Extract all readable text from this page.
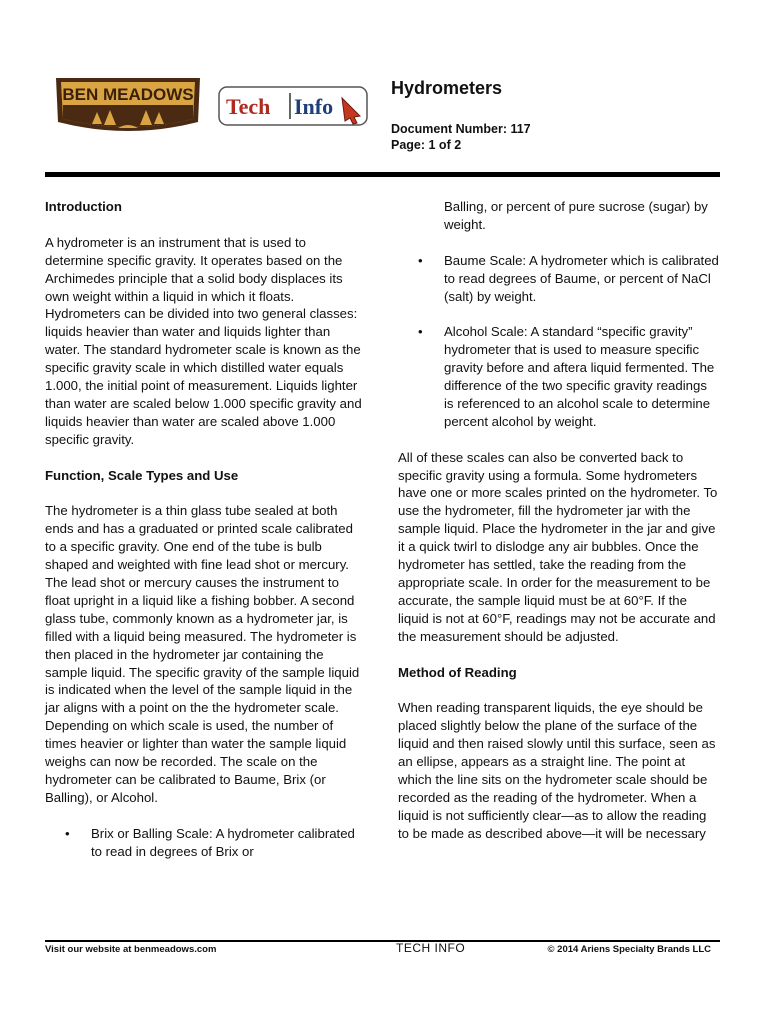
BEN MEADOWS Tech Info
Hydrometers
Document Number: 117
Page: 1 of 2
Introduction

A hydrometer is an instrument that is used to determine specific gravity. It operates based on the Archimedes principle that a solid body displaces its own weight within a liquid in which it floats. Hydrometers can be divided into two general classes: liquids heavier than water and liquids lighter than water. The standard hydrometer scale is known as the specific gravity scale in which distilled water equals 1.000, the initial point of measurement. Liquids lighter than water are scaled below 1.000 specific gravity and liquids heavier than water are scaled above 1.000 specific gravity.

Function, Scale Types and Use

The hydrometer is a thin glass tube sealed at both ends and has a graduated or printed scale calibrated to a specific gravity. One end of the tube is bulb shaped and weighted with fine lead shot or mercury. The lead shot or mercury causes the instrument to float upright in a liquid like a fishing bobber. A second glass tube, commonly known as a hydrometer jar, is filled with a liquid being measured. The hydrometer is then placed in the hydrometer jar containing the sample liquid. The specific gravity of the sample liquid is indicated when the level of the sample liquid in the jar aligns with a point on the the hydrometer scale. Depending on which scale is used, the number of times heavier or lighter than water the sample liquid weighs can now be recorded. The scale on the hydrometer can be calibrated to Baume, Brix (or Balling), or Alcohol.

• Brix or Balling Scale: A hydrometer calibrated to read in degrees of Brix or
Balling, or percent of pure sucrose (sugar) by weight.
• Baume Scale: A hydrometer which is calibrated to read degrees of Baume, or percent of NaCl (salt) by weight.
• Alcohol Scale: A standard “specific gravity” hydrometer that is used to measure specific gravity before and aftera liquid fermented. The difference of the two specific gravity readings is referenced to an alcohol scale to determine percent alcohol by weight.

All of these scales can also be converted back to specific gravity using a formula. Some hydrometers have one or more scales printed on the hydrometer. To use the hydrometer, fill the hydrometer jar with the sample liquid. Place the hydrometer in the jar and give it a quick twirl to dislodge any air bubbles. Once the hydrometer has settled, take the reading from the appropriate scale. In order for the measurement to be accurate, the sample liquid must be at 60°F. If the liquid is not at 60°F, readings may not be accurate and the measurement should be adjusted.

Method of Reading

When reading transparent liquids, the eye should be placed slightly below the plane of the surface of the liquid and then raised slowly until this surface, seen as an ellipse, appears as a straight line. The point at which the line sits on the hydrometer scale should be recorded as the reading of the hydrometer. When a liquid is not sufficiently clear—as to allow the reading to be made as described above—it will be necessary

Visit our website at benmeadows.com	TECH INFO	© 2014 Ariens Specialty Brands LLC
